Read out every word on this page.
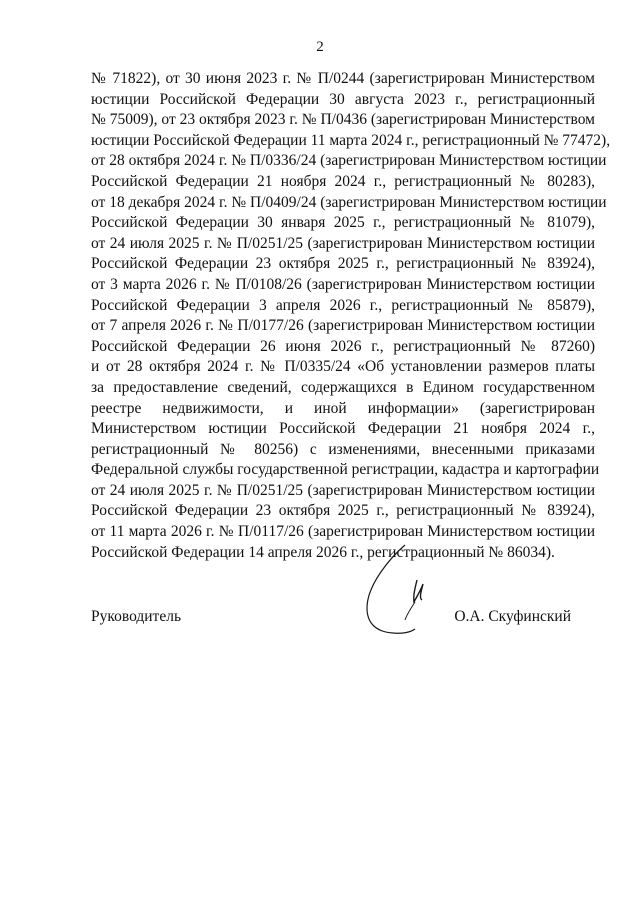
2
№ 71822), от 30 июня 2023 г. № П/0244 (зарегистрирован Министерством
юстиции Российской Федерации 30 августа 2023 г., регистрационный
№ 75009), от 23 октября 2023 г. № П/0436 (зарегистрирован Министерством
юстиции Российской Федерации 11 марта 2024 г., регистрационный № 77472),
от 28 октября 2024 г. № П/0336/24 (зарегистрирован Министерством юстиции
Российской Федерации 21 ноября 2024 г., регистрационный № 80283),
от 18 декабря 2024 г. № П/0409/24 (зарегистрирован Министерством юстиции
Российской Федерации 30 января 2025 г., регистрационный № 81079),
от 24 июля 2025 г. № П/0251/25 (зарегистрирован Министерством юстиции
Российской Федерации 23 октября 2025 г., регистрационный № 83924),
от 3 марта 2026 г. № П/0108/26 (зарегистрирован Министерством юстиции
Российской Федерации 3 апреля 2026 г., регистрационный № 85879),
от 7 апреля 2026 г. № П/0177/26 (зарегистрирован Министерством юстиции
Российской Федерации 26 июня 2026 г., регистрационный № 87260)
и от 28 октября 2024 г. № П/0335/24 «Об установлении размеров платы
за предоставление сведений, содержащихся в Едином государственном
реестре недвижимости, и иной информации» (зарегистрирован
Министерством юстиции Российской Федерации 21 ноября 2024 г.,
регистрационный № 80256) с изменениями, внесенными приказами
Федеральной службы государственной регистрации, кадастра и картографии
от 24 июля 2025 г. № П/0251/25 (зарегистрирован Министерством юстиции
Российской Федерации 23 октября 2025 г., регистрационный № 83924),
от 11 марта 2026 г. № П/0117/26 (зарегистрирован Министерством юстиции
Российской Федерации 14 апреля 2026 г., регистрационный № 86034).
Руководитель	О.А. Скуфинский
